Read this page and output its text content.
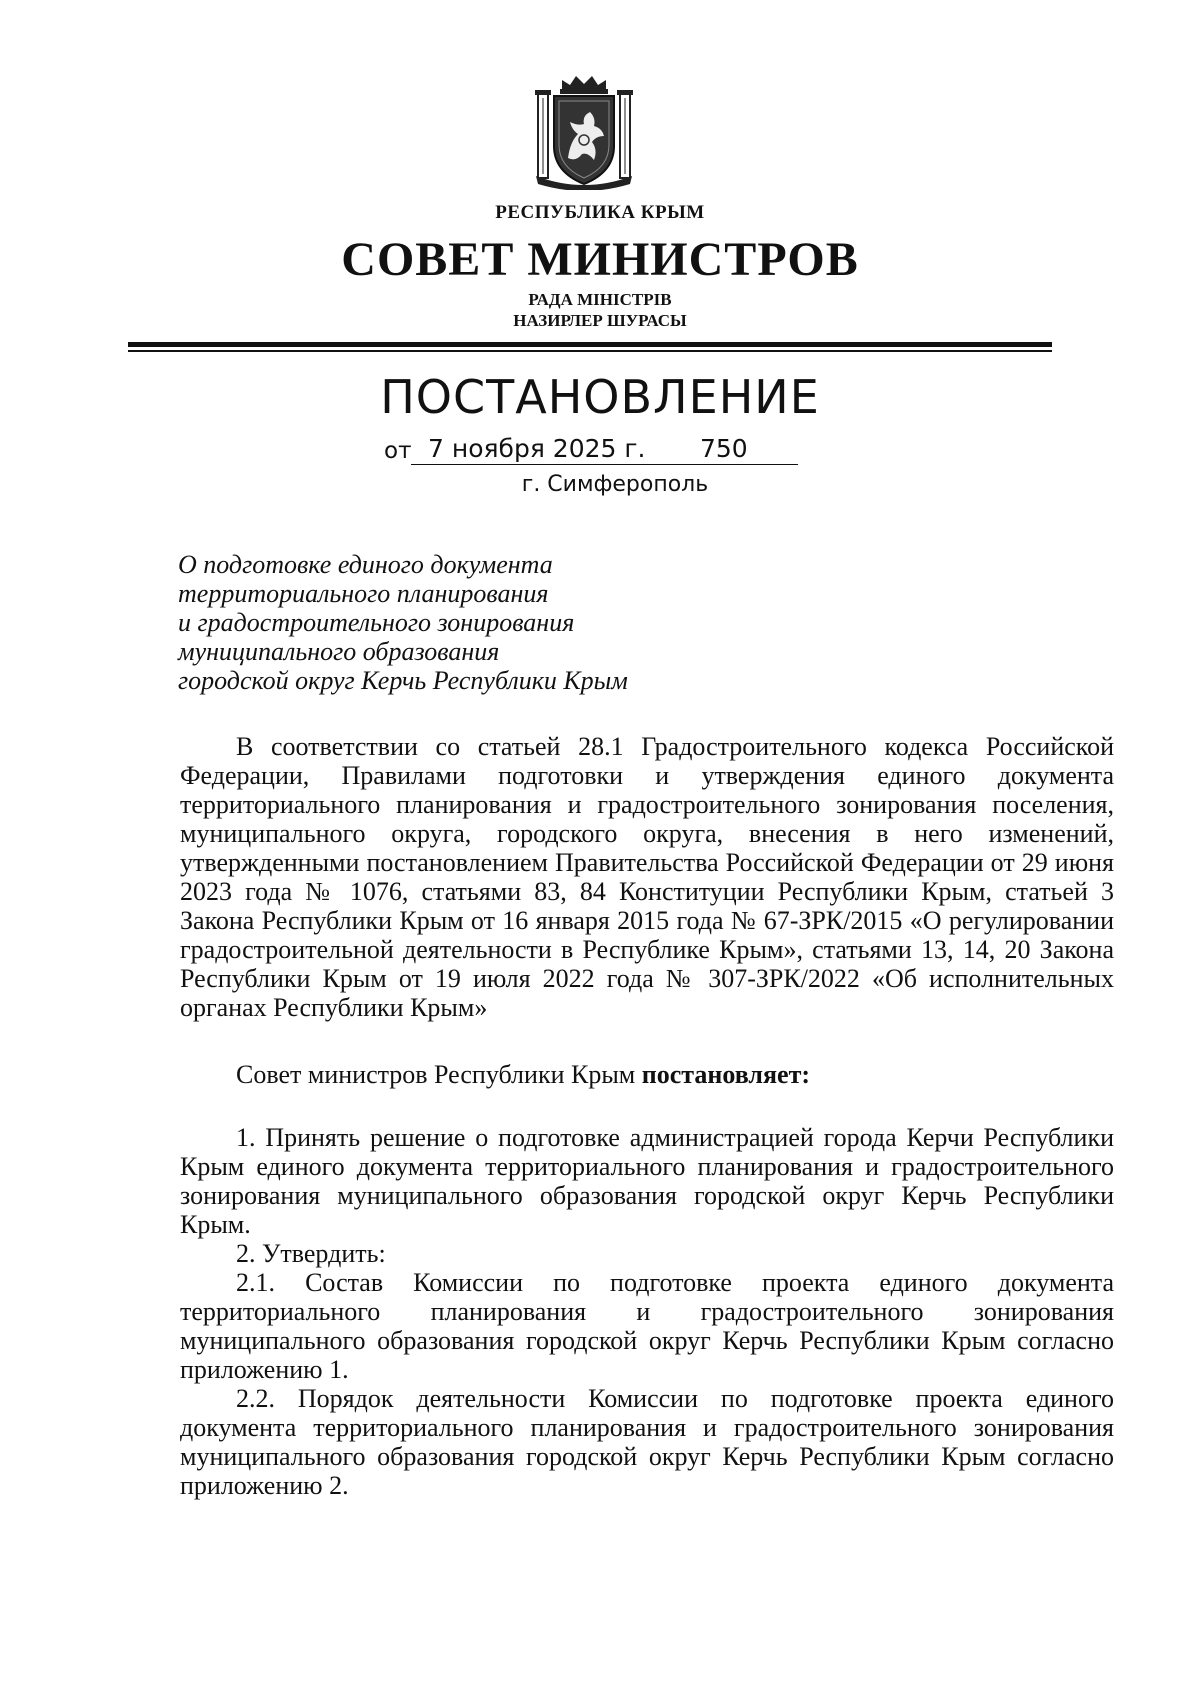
РЕСПУБЛИКА КРЫМ
СОВЕТ МИНИСТРОВ
РАДА МІНІСТРІВ
НАЗИРЛЕР ШУРАСЫ
ПОСТАНОВЛЕНИЕ
от 7 ноября 2025 г. 750
г. Симферополь
О подготовке единого документа
территориального планирования
и градостроительного зонирования
муниципального образования
городской округ Керчь Республики Крым
В соответствии со статьей 28.1 Градостроительного кодекса Российской Федерации, Правилами подготовки и утверждения единого документа территориального планирования и градостроительного зонирования поселения, муниципального округа, городского округа, внесения в него изменений, утвержденными постановлением Правительства Российской Федерации от 29 июня 2023 года № 1076, статьями 83, 84 Конституции Республики Крым, статьей 3 Закона Республики Крым от 16 января 2015 года № 67-ЗРК/2015 «О регулировании градостроительной деятельности в Республике Крым», статьями 13, 14, 20 Закона Республики Крым от 19 июля 2022 года № 307-ЗРК/2022 «Об исполнительных органах Республики Крым»
Совет министров Республики Крым постановляет:
1. Принять решение о подготовке администрацией города Керчи Республики Крым единого документа территориального планирования и градостроительного зонирования муниципального образования городской округ Керчь Республики Крым.
2. Утвердить:
2.1. Состав Комиссии по подготовке проекта единого документа территориального планирования и градостроительного зонирования муниципального образования городской округ Керчь Республики Крым согласно приложению 1.
2.2. Порядок деятельности Комиссии по подготовке проекта единого документа территориального планирования и градостроительного зонирования муниципального образования городской округ Керчь Республики Крым согласно приложению 2.
